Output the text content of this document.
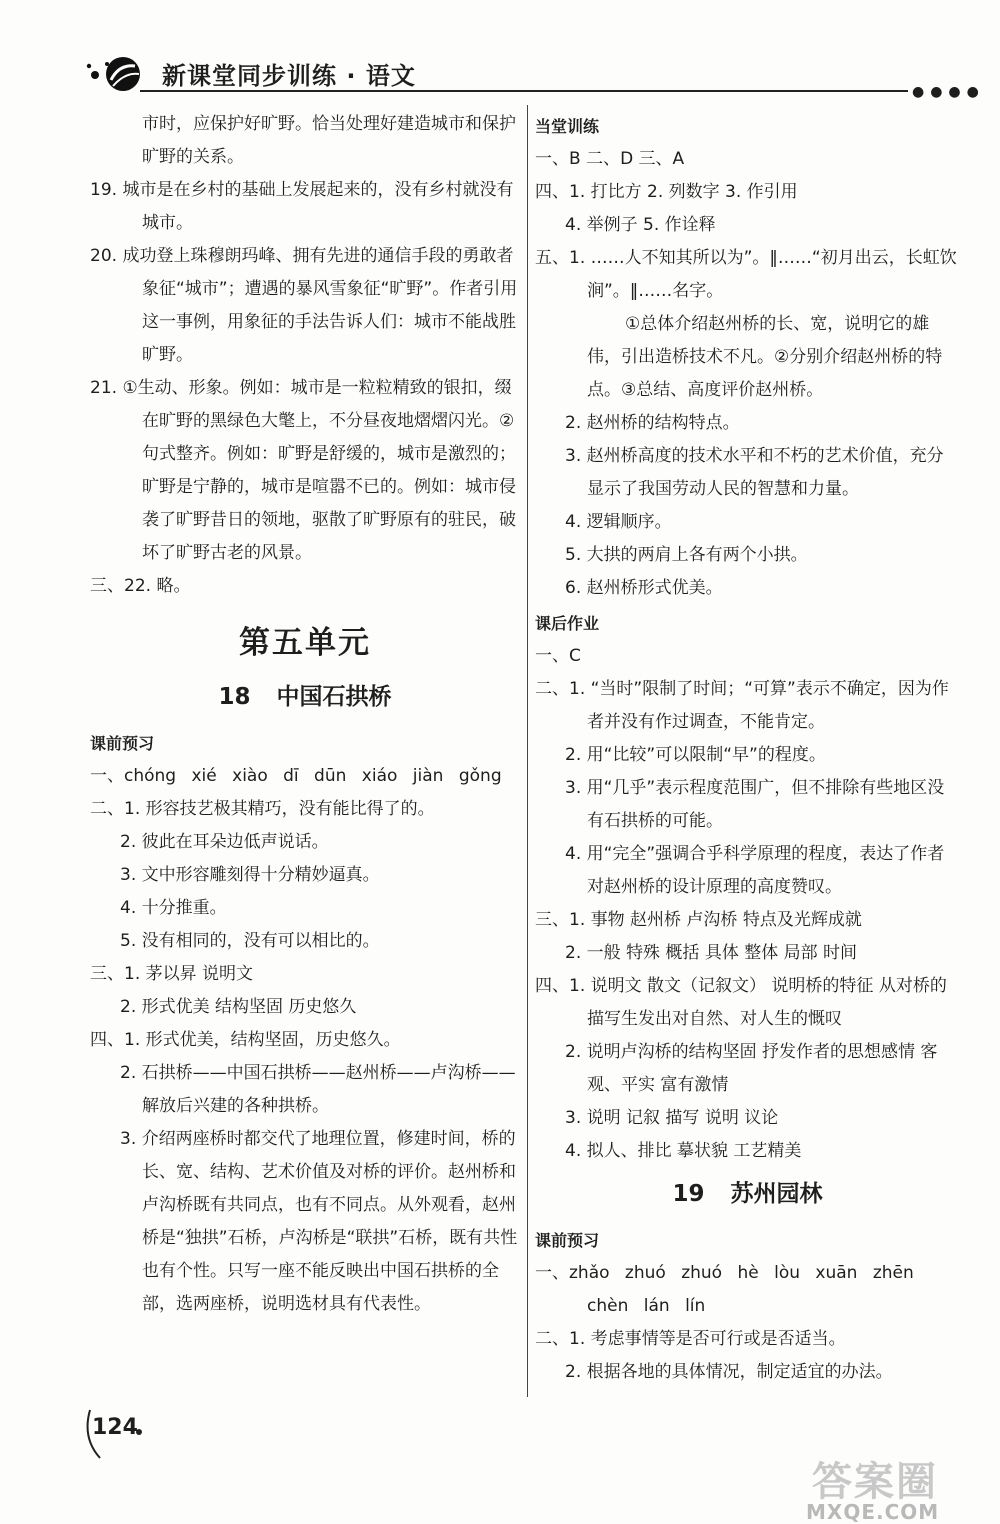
新课堂同步训练 · 语文
●●●●
市时，应保护好旷野。恰当处理好建造城市和保护旷野的关系。
19. 城市是在乡村的基础上发展起来的，没有乡村就没有城市。
20. 成功登上珠穆朗玛峰、拥有先进的通信手段的勇敢者象征“城市”；遭遇的暴风雪象征“旷野”。作者引用这一事例，用象征的手法告诉人们：城市不能战胜旷野。
21. ①生动、形象。例如：城市是一粒粒精致的银扣，缀在旷野的黑绿色大氅上，不分昼夜地熠熠闪光。②句式整齐。例如：旷野是舒缓的，城市是激烈的；旷野是宁静的，城市是喧嚣不已的。例如：城市侵袭了旷野昔日的领地，驱散了旷野原有的驻民，破坏了旷野古老的风景。
三、22. 略。
第五单元
18 中国石拱桥
课前预习
一、chóng xié xiào dī dūn xiáo jiàn gǒng
二、1. 形容技艺极其精巧，没有能比得了的。
2. 彼此在耳朵边低声说话。
3. 文中形容雕刻得十分精妙逼真。
4. 十分推重。
5. 没有相同的，没有可以相比的。
三、1. 茅以昇 说明文
2. 形式优美 结构坚固 历史悠久
四、1. 形式优美，结构坚固，历史悠久。
2. 石拱桥——中国石拱桥——赵州桥——卢沟桥——解放后兴建的各种拱桥。
3. 介绍两座桥时都交代了地理位置，修建时间，桥的长、宽、结构、艺术价值及对桥的评价。赵州桥和卢沟桥既有共同点，也有不同点。从外观看，赵州桥是“独拱”石桥，卢沟桥是“联拱”石桥，既有共性也有个性。只写一座不能反映出中国石拱桥的全部，选两座桥，说明选材具有代表性。
当堂训练
一、B 二、D 三、A
四、1. 打比方 2. 列数字 3. 作引用
4. 举例子 5. 作诠释
五、1. ……人不知其所以为”。‖……“初月出云，长虹饮涧”。‖……名字。
①总体介绍赵州桥的长、宽，说明它的雄伟，引出造桥技术不凡。②分别介绍赵州桥的特点。③总结、高度评价赵州桥。
2. 赵州桥的结构特点。
3. 赵州桥高度的技术水平和不朽的艺术价值，充分显示了我国劳动人民的智慧和力量。
4. 逻辑顺序。
5. 大拱的两肩上各有两个小拱。
6. 赵州桥形式优美。
课后作业
一、C
二、1. “当时”限制了时间；“可算”表示不确定，因为作者并没有作过调查，不能肯定。
2. 用“比较”可以限制“早”的程度。
3. 用“几乎”表示程度范围广，但不排除有些地区没有石拱桥的可能。
4. 用“完全”强调合乎科学原理的程度，表达了作者对赵州桥的设计原理的高度赞叹。
三、1. 事物 赵州桥 卢沟桥 特点及光辉成就
2. 一般 特殊 概括 具体 整体 局部 时间
四、1. 说明文 散文（记叙文） 说明桥的特征 从对桥的描写生发出对自然、对人生的慨叹
2. 说明卢沟桥的结构坚固 抒发作者的思想感情 客观、平实 富有激情
3. 说明 记叙 描写 说明 议论
4. 拟人、排比 摹状貌 工艺精美
19 苏州园林
课前预习
一、zhǎo zhuó zhuó hè lòu xuān zhēn chèn lán lín
二、1. 考虑事情等是否可行或是否适当。
2. 根据各地的具体情况，制定适宜的办法。
124
答案圈
MXQE.COM
